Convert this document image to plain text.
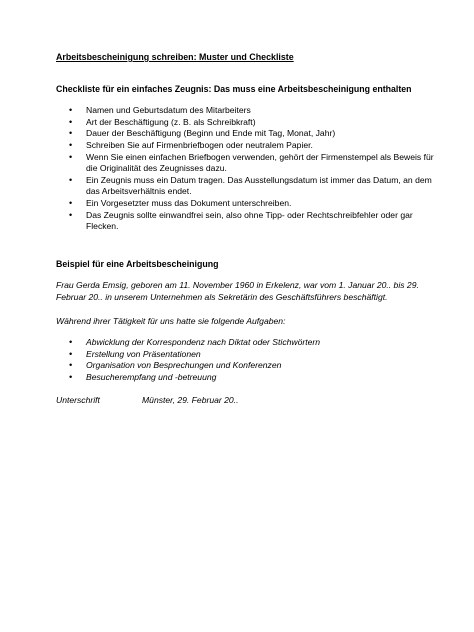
Arbeitsbescheinigung schreiben: Muster und Checkliste

Checkliste für ein einfaches Zeugnis: Das muss eine Arbeitsbescheinigung enthalten

• Namen und Geburtsdatum des Mitarbeiters
• Art der Beschäftigung (z. B. als Schreibkraft)
• Dauer der Beschäftigung (Beginn und Ende mit Tag, Monat, Jahr)
• Schreiben Sie auf Firmenbriefbogen oder neutralem Papier.
• Wenn Sie einen einfachen Briefbogen verwenden, gehört der Firmenstempel als Beweis für die Originalität des Zeugnisses dazu.
• Ein Zeugnis muss ein Datum tragen. Das Ausstellungsdatum ist immer das Datum, an dem das Arbeitsverhältnis endet.
• Ein Vorgesetzter muss das Dokument unterschreiben.
• Das Zeugnis sollte einwandfrei sein, also ohne Tipp- oder Rechtschreibfehler oder gar Flecken.

Beispiel für eine Arbeitsbescheinigung

Frau Gerda Emsig, geboren am 11. November 1960 in Erkelenz, war vom 1. Januar 20.. bis 29. Februar 20.. in unserem Unternehmen als Sekretärin des Geschäftsführers beschäftigt.

Während ihrer Tätigkeit für uns hatte sie folgende Aufgaben:

• Abwicklung der Korrespondenz nach Diktat oder Stichwörtern
• Erstellung von Präsentationen
• Organisation von Besprechungen und Konferenzen
• Besucherempfang und -betreuung
Unterschrift	Münster, 29. Februar 20..
